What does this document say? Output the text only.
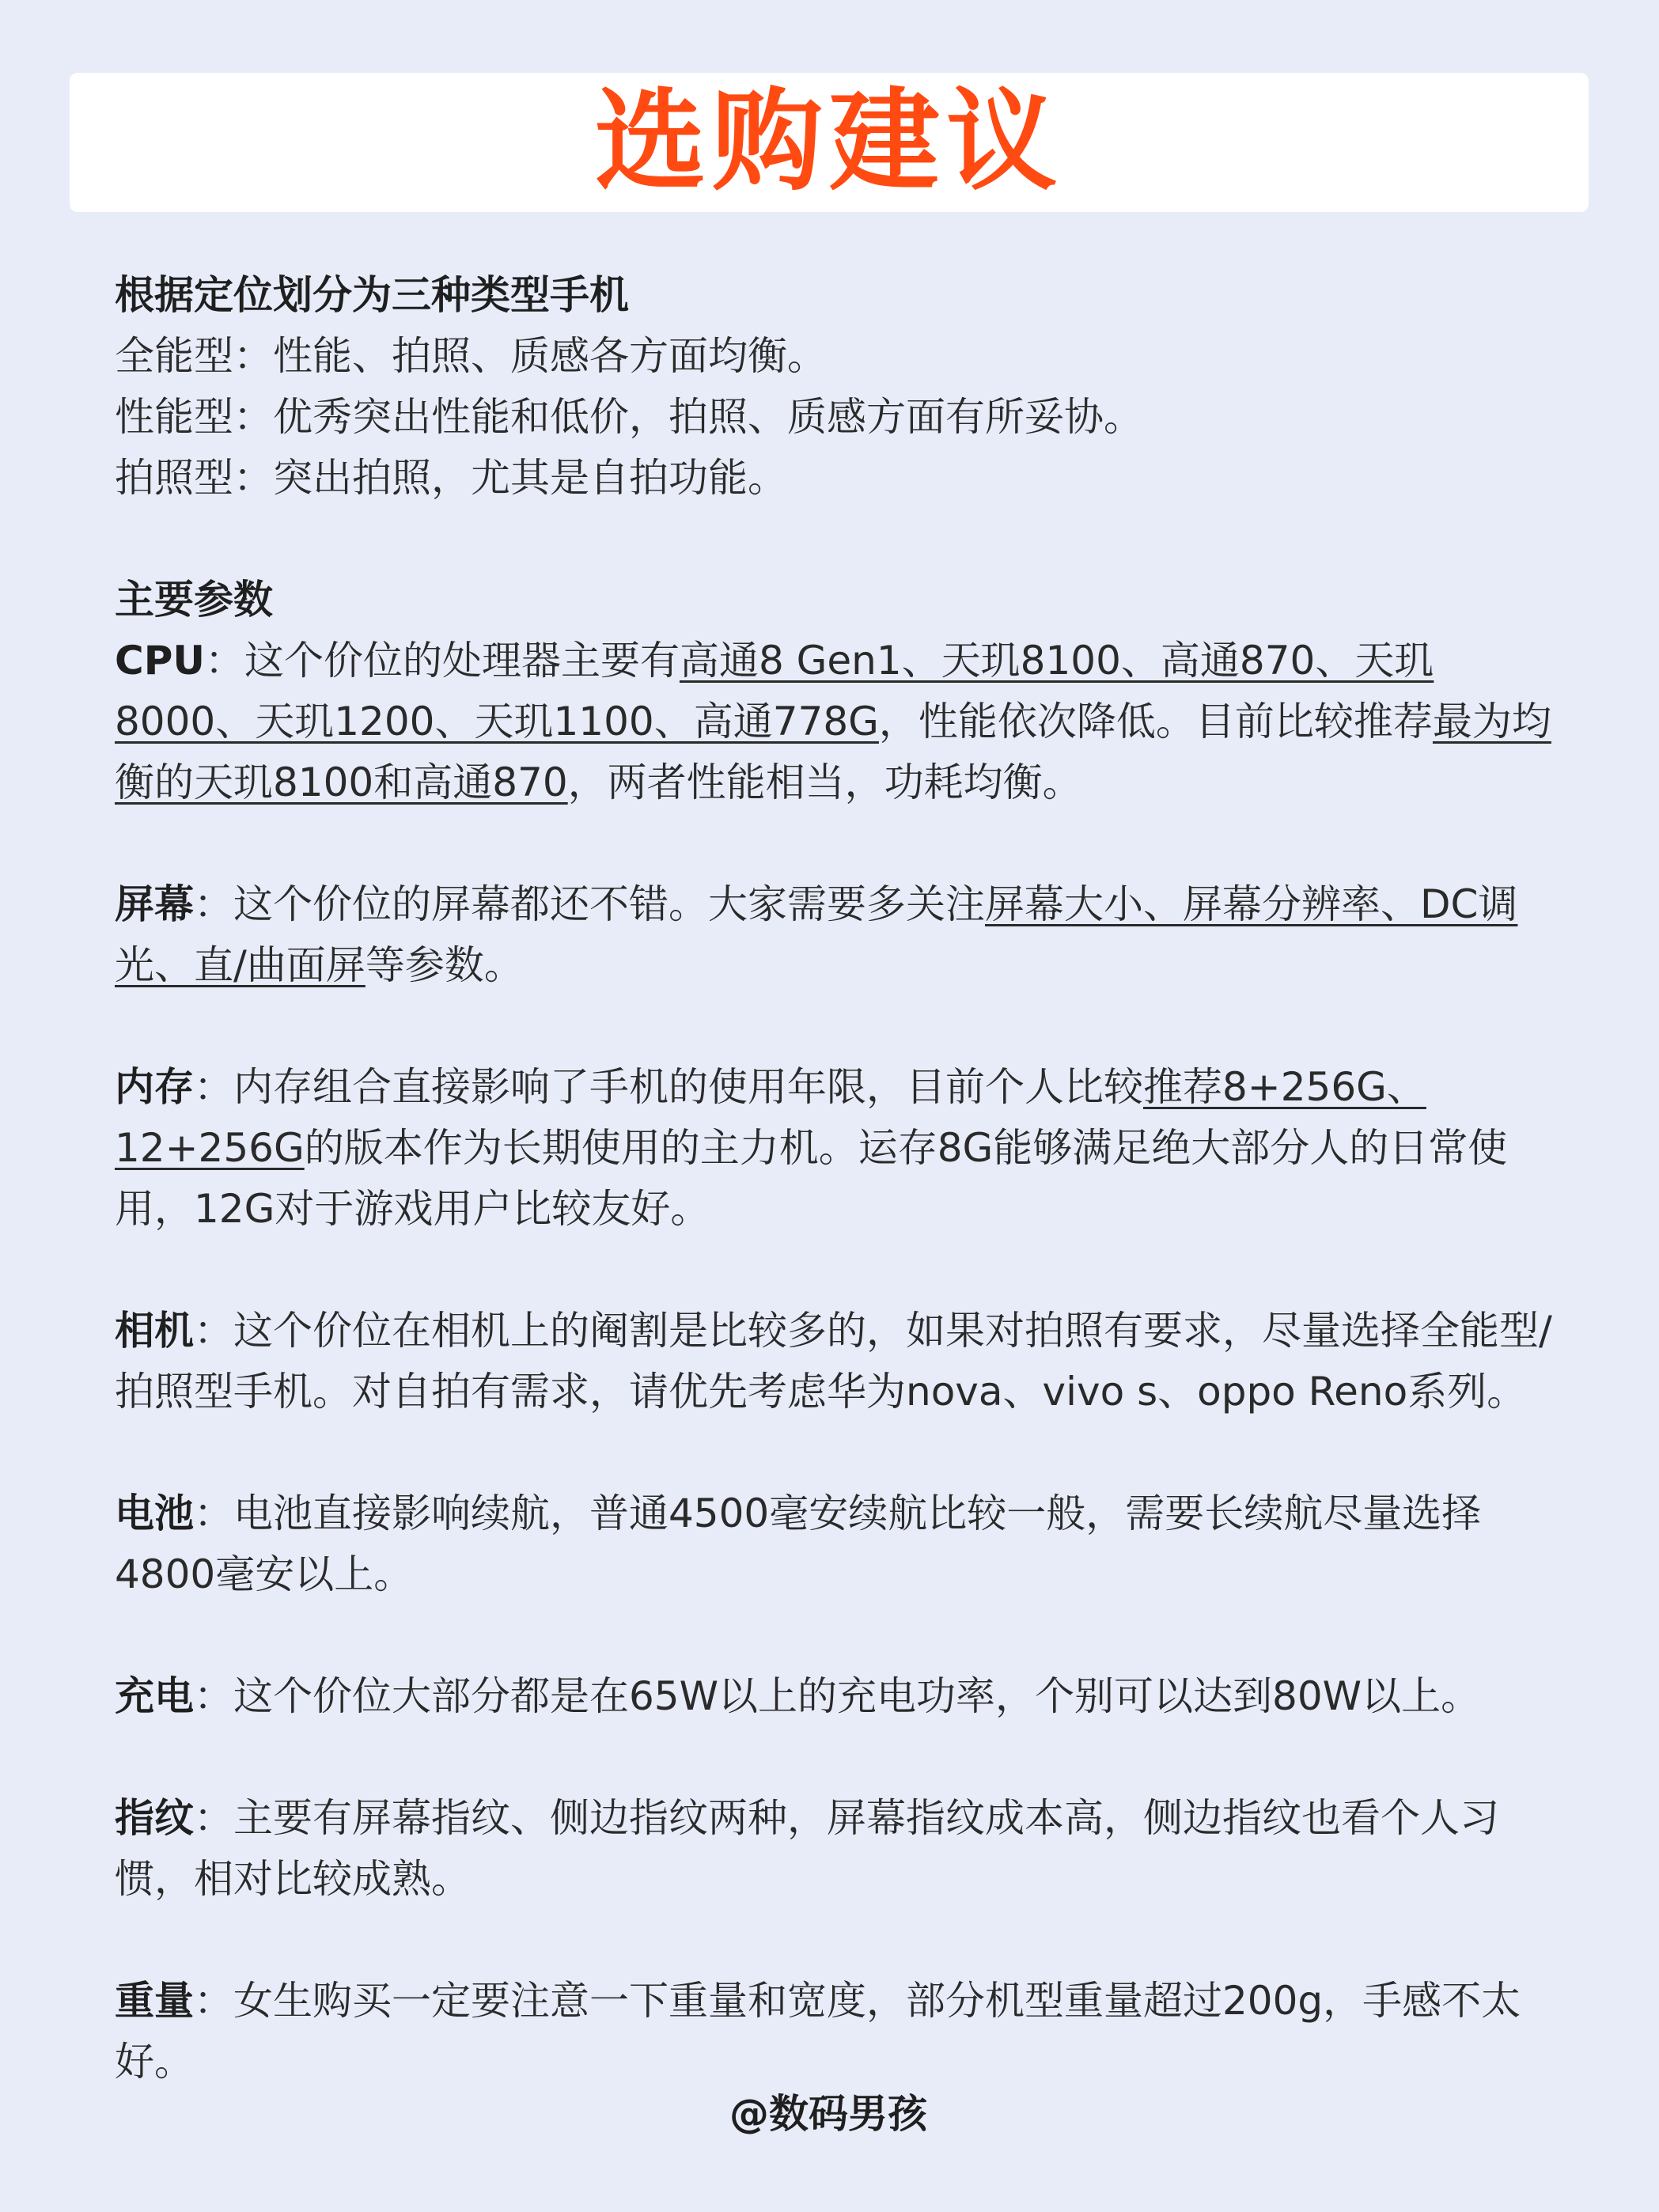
选购建议

根据定位划分为三种类型手机
全能型：性能、拍照、质感各方面均衡。
性能型：优秀突出性能和低价，拍照、质感方面有所妥协。
拍照型：突出拍照，尤其是自拍功能。

主要参数
CPU：这个价位的处理器主要有高通8 Gen1、天玑8100、高通870、天玑8000、天玑1200、天玑1100、高通778G，性能依次降低。目前比较推荐最为均衡的天玑8100和高通870，两者性能相当，功耗均衡。

屏幕：这个价位的屏幕都还不错。大家需要多关注屏幕大小、屏幕分辨率、DC调光、直/曲面屏等参数。

内存：内存组合直接影响了手机的使用年限，目前个人比较推荐8+256G、12+256G的版本作为长期使用的主力机。运存8G能够满足绝大部分人的日常使用，12G对于游戏用户比较友好。

相机：这个价位在相机上的阉割是比较多的，如果对拍照有要求，尽量选择全能型/拍照型手机。对自拍有需求，请优先考虑华为nova、vivo s、oppo Reno系列。

电池：电池直接影响续航，普通4500毫安续航比较一般，需要长续航尽量选择4800毫安以上。

充电：这个价位大部分都是在65W以上的充电功率，个别可以达到80W以上。

指纹：主要有屏幕指纹、侧边指纹两种，屏幕指纹成本高，侧边指纹也看个人习惯，相对比较成熟。

重量：女生购买一定要注意一下重量和宽度，部分机型重量超过200g，手感不太好。

@数码男孩
